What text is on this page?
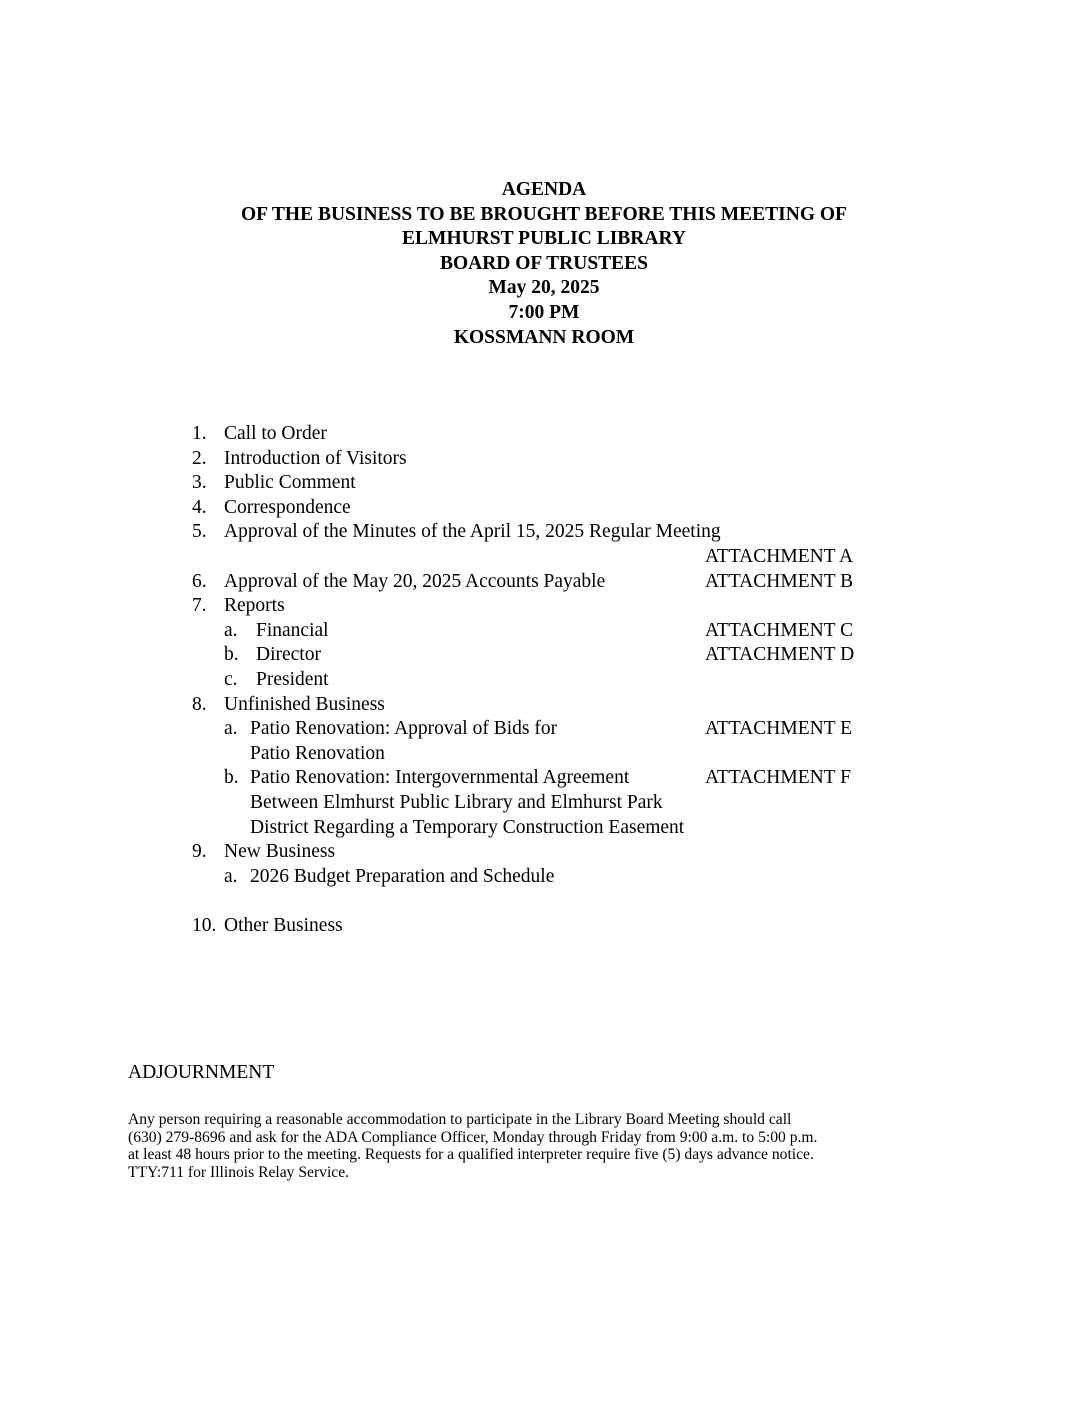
AGENDA
OF THE BUSINESS TO BE BROUGHT BEFORE THIS MEETING OF
ELMHURST PUBLIC LIBRARY
BOARD OF TRUSTEES
May 20, 2025
7:00 PM
KOSSMANN ROOM
1. Call to Order
2. Introduction of Visitors
3. Public Comment
4. Correspondence
5. Approval of the Minutes of the April 15, 2025 Regular Meeting
ATTACHMENT A
6. Approval of the May 20, 2025 Accounts Payable	ATTACHMENT B
7. Reports
a. Financial	ATTACHMENT C
b. Director	ATTACHMENT D
c. President
8. Unfinished Business
a. Patio Renovation: Approval of Bids for	ATTACHMENT E
Patio Renovation
b. Patio Renovation: Intergovernmental Agreement	ATTACHMENT F
Between Elmhurst Public Library and Elmhurst Park
District Regarding a Temporary Construction Easement
9. New Business
a. 2026 Budget Preparation and Schedule
10. Other Business
ADJOURNMENT
Any person requiring a reasonable accommodation to participate in the Library Board Meeting should call
(630) 279-8696 and ask for the ADA Compliance Officer, Monday through Friday from 9:00 a.m. to 5:00 p.m.
at least 48 hours prior to the meeting. Requests for a qualified interpreter require five (5) days advance notice.
TTY:711 for Illinois Relay Service.
